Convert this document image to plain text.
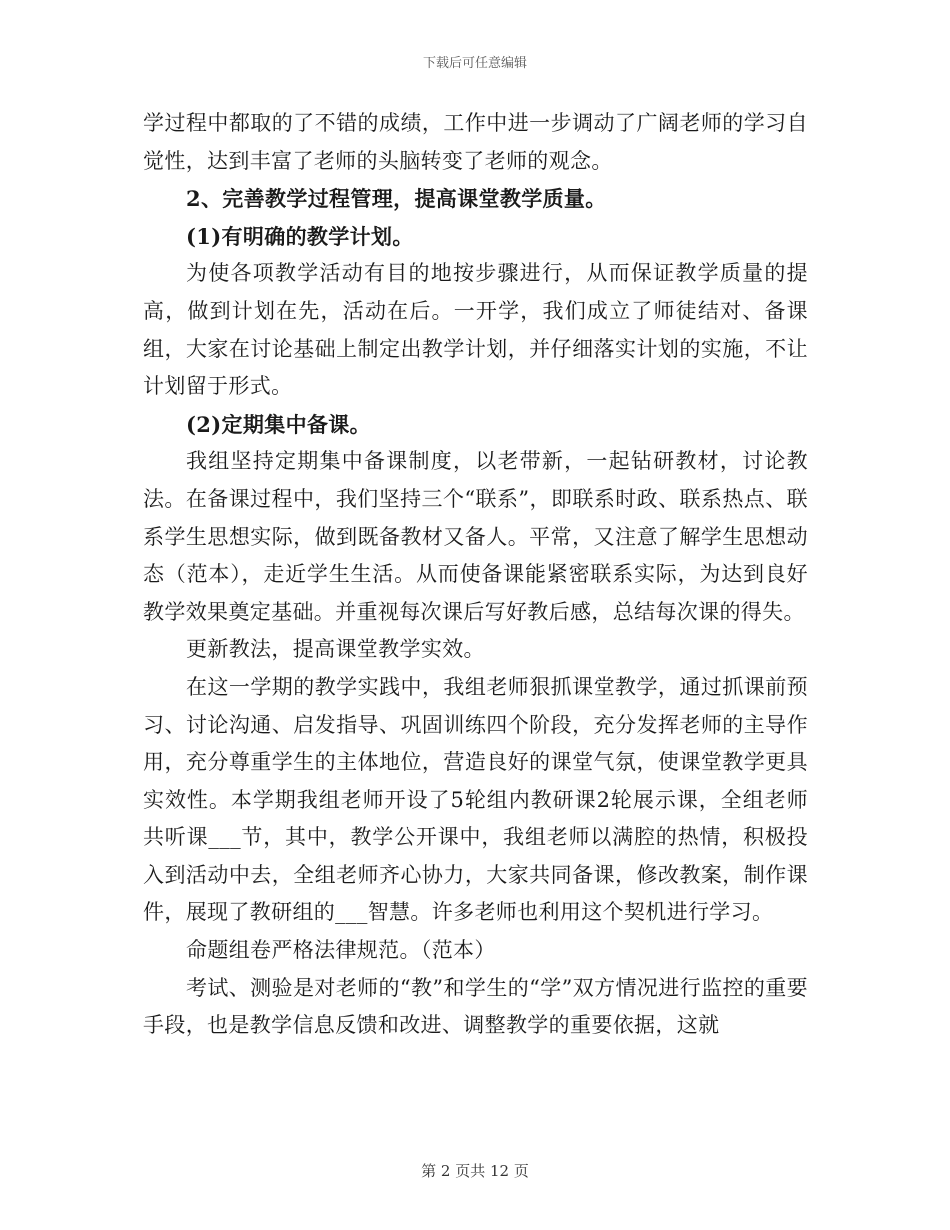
下载后可任意编辑

学过程中都取的了不错的成绩，工作中进一步调动了广阔老师的学习自觉性，达到丰富了老师的头脑转变了老师的观念。

2、完善教学过程管理，提高课堂教学质量。

(1)有明确的教学计划。

为使各项教学活动有目的地按步骤进行，从而保证教学质量的提高，做到计划在先，活动在后。一开学，我们成立了师徒结对、备课组，大家在讨论基础上制定出教学计划，并仔细落实计划的实施，不让计划留于形式。

(2)定期集中备课。

我组坚持定期集中备课制度，以老带新，一起钻研教材，讨论教法。在备课过程中，我们坚持三个“联系”，即联系时政、联系热点、联系学生思想实际，做到既备教材又备人。平常，又注意了解学生思想动态（范本），走近学生生活。从而使备课能紧密联系实际，为达到良好教学效果奠定基础。并重视每次课后写好教后感，总结每次课的得失。

更新教法，提高课堂教学实效。

在这一学期的教学实践中，我组老师狠抓课堂教学，通过抓课前预习、讨论沟通、启发指导、巩固训练四个阶段，充分发挥老师的主导作用，充分尊重学生的主体地位，营造良好的课堂气氛，使课堂教学更具实效性。本学期我组老师开设了5轮组内教研课2轮展示课，全组老师共听课___节，其中，教学公开课中，我组老师以满腔的热情，积极投入到活动中去，全组老师齐心协力，大家共同备课，修改教案，制作课件，展现了教研组的___智慧。许多老师也利用这个契机进行学习。

命题组卷严格法律规范。（范本）

考试、测验是对老师的“教”和学生的“学”双方情况进行监控的重要手段，也是教学信息反馈和改进、调整教学的重要依据，这就

第 2 页共 12 页
